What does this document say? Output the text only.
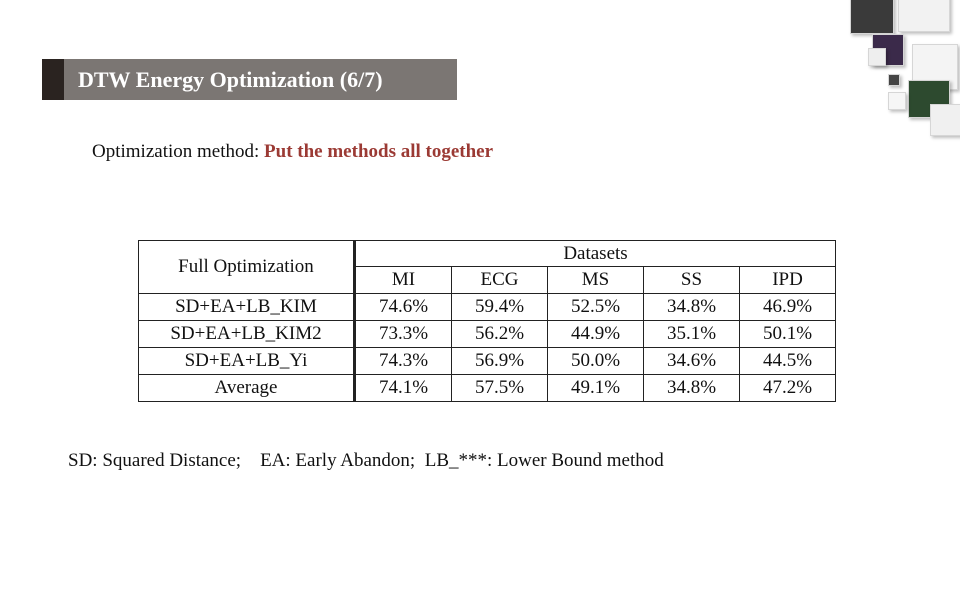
DTW Energy Optimization (6/7)
Optimization method: Put the methods all together
Full Optimization	Datasets				
	MI	ECG	MS	SS	IPD
SD+EA+LB_KIM	74.6%	59.4%	52.5%	34.8%	46.9%
SD+EA+LB_KIM2	73.3%	56.2%	44.9%	35.1%	50.1%
SD+EA+LB_Yi	74.3%	56.9%	50.0%	34.6%	44.5%
Average	74.1%	57.5%	49.1%	34.8%	47.2%
SD: Squared Distance;    EA: Early Abandon;  LB_***: Lower Bound method
